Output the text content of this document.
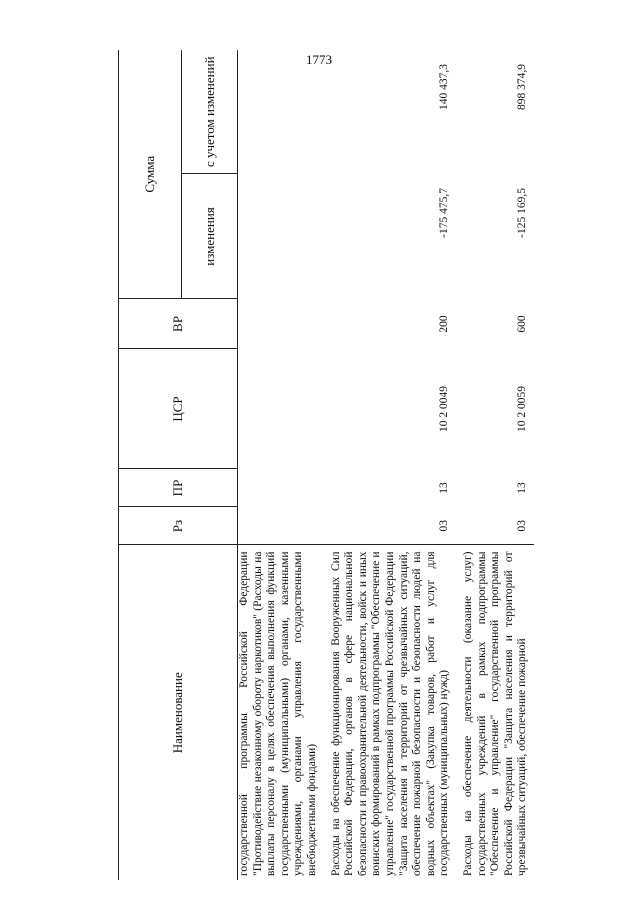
1773
Наименование	Рз	ПР	ЦСР	ВР	Сумма	
					изменения	с учетом изменений
государственной программы Российской Федерации "Противодействие незаконному обороту наркотиков" (Расходы на выплаты персоналу в целях обеспечения выполнения функций государственными (муниципальными) органами, казенными учреждениями, органами управления государственными внебюджетными фондами)						
Расходы на обеспечение функционирования Вооруженных Сил Российской Федерации, органов в сфере национальной безопасности и правоохранительной деятельности, войск и иных воинских формирований в рамках подпрограммы "Обеспечение и управление" государственной программы Российской Федерации "Защита населения и территорий от чрезвычайных ситуаций, обеспечение пожарной безопасности и безопасности людей на водных объектах" (Закупка товаров, работ и услуг для государственных (муниципальных) нужд)	03	13	10 2 0049	200	-175 475,7	140 437,3
Расходы на обеспечение деятельности (оказание услуг) государственных учреждений в рамках подпрограммы "Обеспечение и управление" государственной программы Российской Федерации "Защита населения и территорий от чрезвычайных ситуаций, обеспечение пожарной	03	13	10 2 0059	600	-125 169,5	898 374,9
